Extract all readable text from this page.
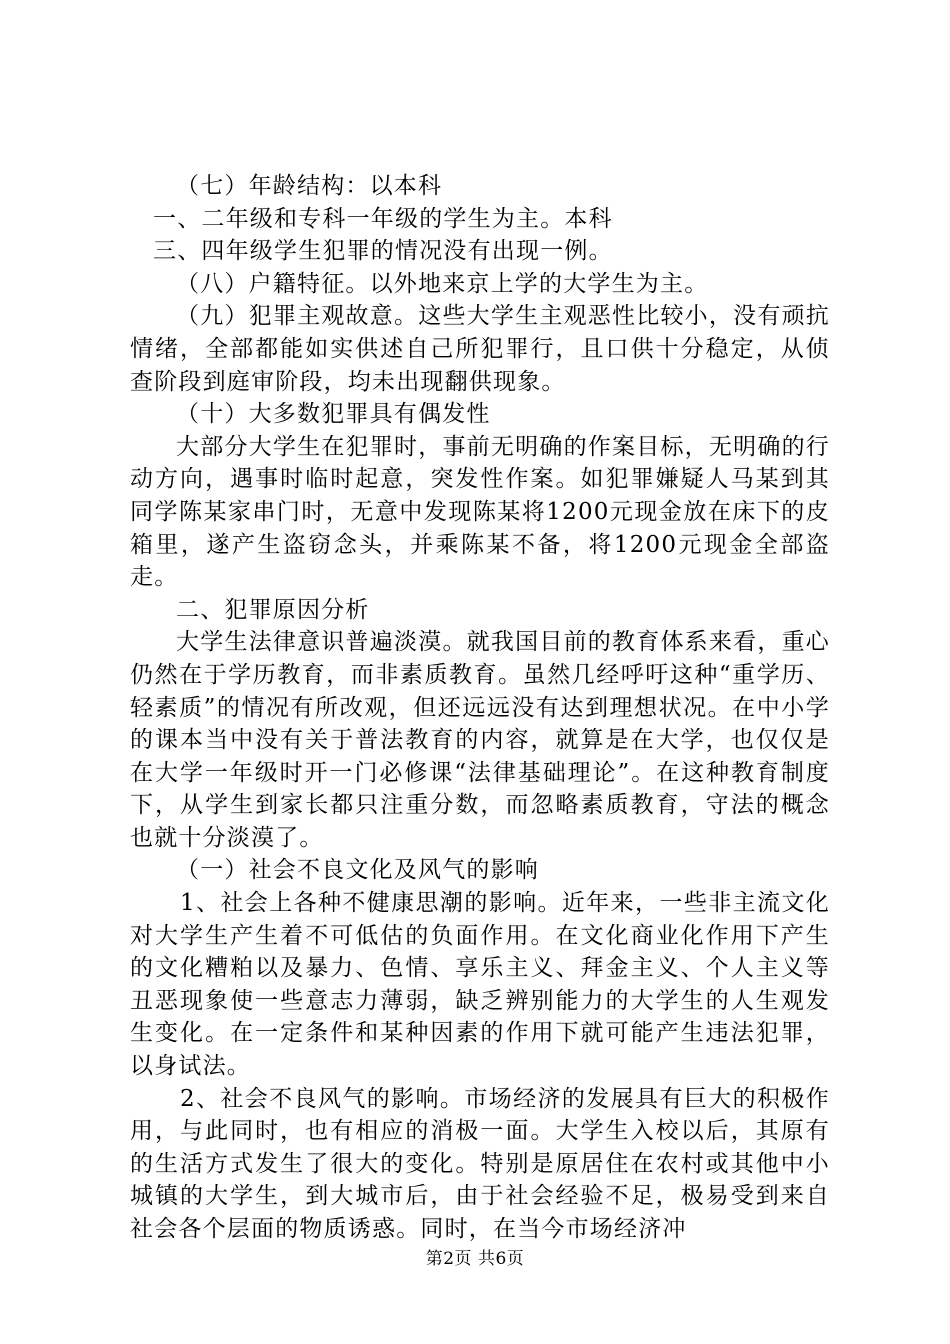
（七）年龄结构：以本科

一、二年级和专科一年级的学生为主。本科

三、四年级学生犯罪的情况没有出现一例。

（八）户籍特征。以外地来京上学的大学生为主。

（九）犯罪主观故意。这些大学生主观恶性比较小，没有顽抗情绪，全部都能如实供述自己所犯罪行，且口供十分稳定，从侦查阶段到庭审阶段，均未出现翻供现象。

（十）大多数犯罪具有偶发性

大部分大学生在犯罪时，事前无明确的作案目标，无明确的行动方向，遇事时临时起意，突发性作案。如犯罪嫌疑人马某到其同学陈某家串门时，无意中发现陈某将1200元现金放在床下的皮箱里，遂产生盗窃念头，并乘陈某不备，将1200元现金全部盗走。

二、犯罪原因分析

大学生法律意识普遍淡漠。就我国目前的教育体系来看，重心仍然在于学历教育，而非素质教育。虽然几经呼吁这种“重学历、轻素质”的情况有所改观，但还远远没有达到理想状况。在中小学的课本当中没有关于普法教育的内容，就算是在大学，也仅仅是在大学一年级时开一门必修课“法律基础理论”。在这种教育制度下，从学生到家长都只注重分数，而忽略素质教育，守法的概念也就十分淡漠了。

（一）社会不良文化及风气的影响

1、社会上各种不健康思潮的影响。近年来，一些非主流文化对大学生产生着不可低估的负面作用。在文化商业化作用下产生的文化糟粕以及暴力、色情、享乐主义、拜金主义、个人主义等丑恶现象使一些意志力薄弱，缺乏辨别能力的大学生的人生观发生变化。在一定条件和某种因素的作用下就可能产生违法犯罪，以身试法。

2、社会不良风气的影响。市场经济的发展具有巨大的积极作用，与此同时，也有相应的消极一面。大学生入校以后，其原有的生活方式发生了很大的变化。特别是原居住在农村或其他中小城镇的大学生，到大城市后，由于社会经验不足，极易受到来自社会各个层面的物质诱惑。同时，在当今市场经济冲

第2页 共6页
